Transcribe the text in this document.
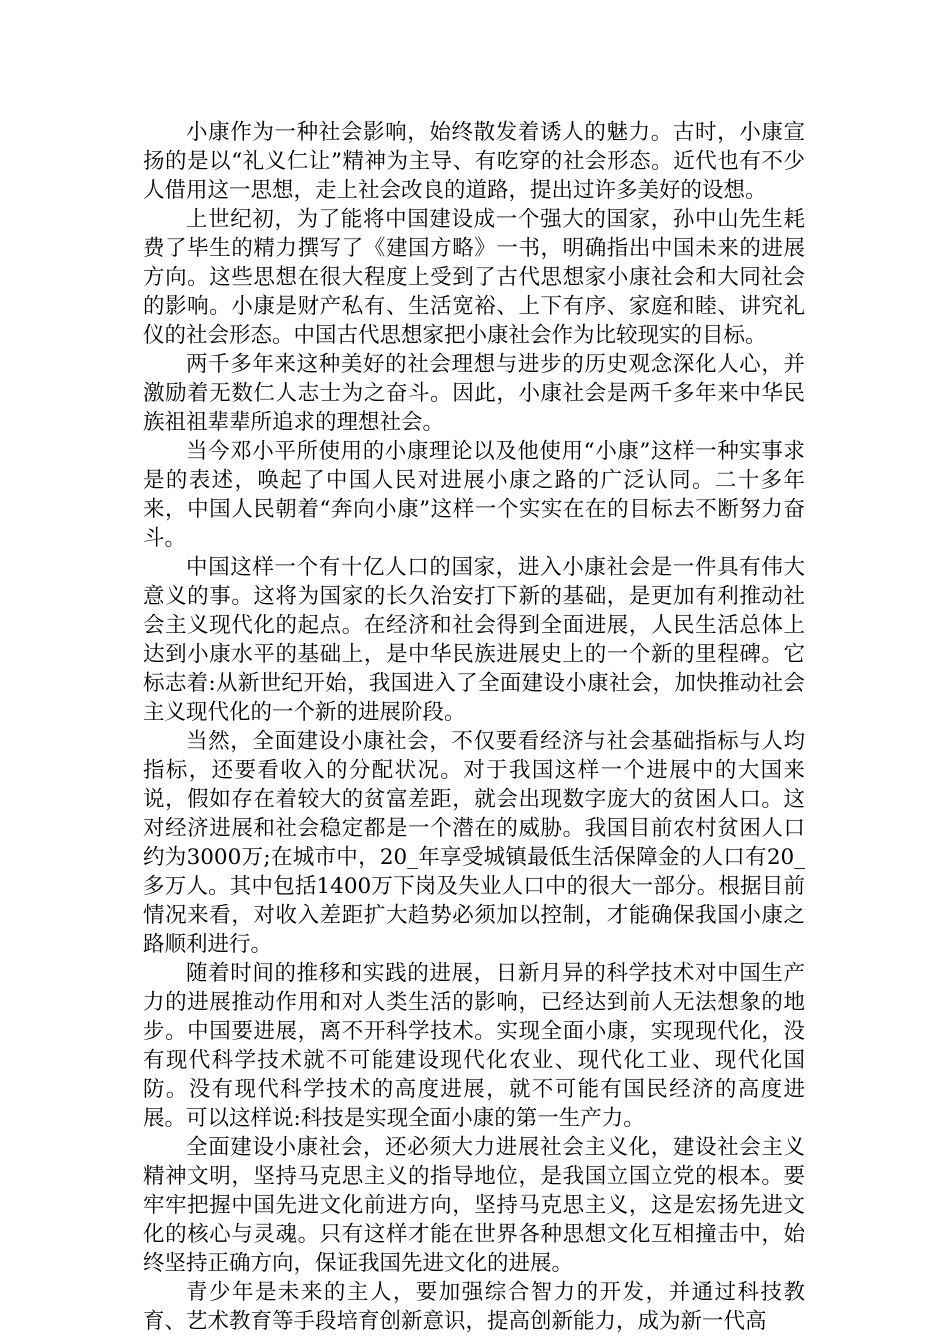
小康作为一种社会影响，始终散发着诱人的魅力。古时，小康宣扬的是以“礼义仁让”精神为主导、有吃穿的社会形态。近代也有不少人借用这一思想，走上社会改良的道路，提出过许多美好的设想。

上世纪初，为了能将中国建设成一个强大的国家，孙中山先生耗费了毕生的精力撰写了《建国方略》一书，明确指出中国未来的进展方向。这些思想在很大程度上受到了古代思想家小康社会和大同社会的影响。小康是财产私有、生活宽裕、上下有序、家庭和睦、讲究礼仪的社会形态。中国古代思想家把小康社会作为比较现实的目标。

两千多年来这种美好的社会理想与进步的历史观念深化人心，并激励着无数仁人志士为之奋斗。因此，小康社会是两千多年来中华民族祖祖辈辈所追求的理想社会。

当今邓小平所使用的小康理论以及他使用“小康”这样一种实事求是的表述，唤起了中国人民对进展小康之路的广泛认同。二十多年来，中国人民朝着“奔向小康”这样一个实实在在的目标去不断努力奋斗。

中国这样一个有十亿人口的国家，进入小康社会是一件具有伟大意义的事。这将为国家的长久治安打下新的基础，是更加有利推动社会主义现代化的起点。在经济和社会得到全面进展，人民生活总体上达到小康水平的基础上，是中华民族进展史上的一个新的里程碑。它标志着:从新世纪开始，我国进入了全面建设小康社会，加快推动社会主义现代化的一个新的进展阶段。

当然，全面建设小康社会，不仅要看经济与社会基础指标与人均指标，还要看收入的分配状况。对于我国这样一个进展中的大国来说，假如存在着较大的贫富差距，就会出现数字庞大的贫困人口。这对经济进展和社会稳定都是一个潜在的威胁。我国目前农村贫困人口约为3000万;在城市中，20_年享受城镇最低生活保障金的人口有20_多万人。其中包括1400万下岗及失业人口中的很大一部分。根据目前情况来看，对收入差距扩大趋势必须加以控制，才能确保我国小康之路顺利进行。

随着时间的推移和实践的进展，日新月异的科学技术对中国生产力的进展推动作用和对人类生活的影响，已经达到前人无法想象的地步。中国要进展，离不开科学技术。实现全面小康，实现现代化，没有现代科学技术就不可能建设现代化农业、现代化工业、现代化国防。没有现代科学技术的高度进展，就不可能有国民经济的高度进展。可以这样说:科技是实现全面小康的第一生产力。

全面建设小康社会，还必须大力进展社会主义化，建设社会主义精神文明，坚持马克思主义的指导地位，是我国立国立党的根本。要牢牢把握中国先进文化前进方向，坚持马克思主义，这是宏扬先进文化的核心与灵魂。只有这样才能在世界各种思想文化互相撞击中，始终坚持正确方向，保证我国先进文化的进展。

青少年是未来的主人，要加强综合智力的开发，并通过科技教育、艺术教育等手段培育创新意识，提高创新能力，成为新一代高
